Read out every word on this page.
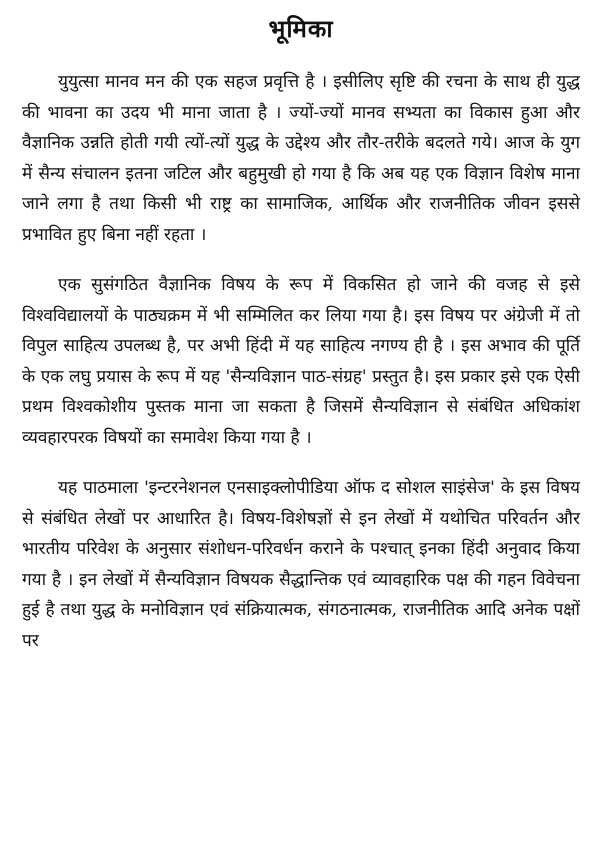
भूमिका

युयुत्सा मानव मन की एक सहज प्रवृत्ति है । इसीलिए सृष्टि की रचना के साथ ही युद्ध की भावना का उदय भी माना जाता है । ज्यों-ज्यों मानव सभ्यता का विकास हुआ और वैज्ञानिक उन्नति होती गयी त्यों-त्यों युद्ध के उद्देश्य और तौर-तरीके बदलते गये। आज के युग में सैन्य संचालन इतना जटिल और बहुमुखी हो गया है कि अब यह एक विज्ञान विशेष माना जाने लगा है तथा किसी भी राष्ट्र का सामाजिक, आर्थिक और राजनीतिक जीवन इससे प्रभावित हुए बिना नहीं रहता ।

एक सुसंगठित वैज्ञानिक विषय के रूप में विकसित हो जाने की वजह से इसे विश्वविद्यालयों के पाठ्यक्रम में भी सम्मिलित कर लिया गया है। इस विषय पर अंग्रेजी में तो विपुल साहित्य उपलब्ध है, पर अभी हिंदी में यह साहित्य नगण्य ही है । इस अभाव की पूर्ति के एक लघु प्रयास के रूप में यह 'सैन्यविज्ञान पाठ-संग्रह' प्रस्तुत है। इस प्रकार इसे एक ऐसी प्रथम विश्वकोशीय पुस्तक माना जा सकता है जिसमें सैन्यविज्ञान से संबंधित अधिकांश व्यवहारपरक विषयों का समावेश किया गया है ।

यह पाठमाला 'इन्टरनेशनल एनसाइक्लोपीडिया ऑफ द सोशल साइंसेज' के इस विषय से संबंधित लेखों पर आधारित है। विषय-विशेषज्ञों से इन लेखों में यथोचित परिवर्तन और भारतीय परिवेश के अनुसार संशोधन-परिवर्धन कराने के पश्चात् इनका हिंदी अनुवाद किया गया है । इन लेखों में सैन्यविज्ञान विषयक सैद्धान्तिक एवं व्यावहारिक पक्ष की गहन विवेचना हुई है तथा युद्ध के मनोविज्ञान एवं संक्रियात्मक, संगठनात्मक, राजनीतिक आदि अनेक पक्षों पर
